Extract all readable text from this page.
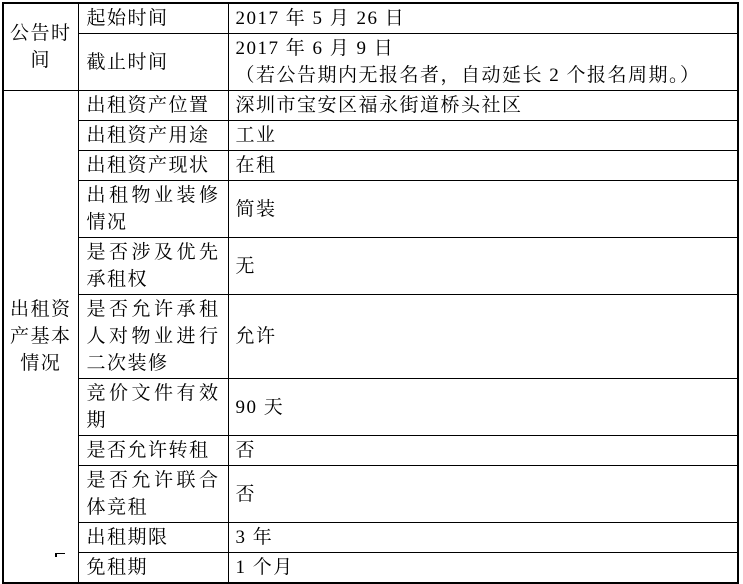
公告时间	起始时间	2017 年 5 月 26 日
	截止时间	2017 年 6 月 9 日
（若公告期内无报名者，自动延长 2 个报名周期。）

出租资产基本情况	出租资产位置	深圳市宝安区福永街道桥头社区
	出租资产用途	工业
	出租资产现状	在租
	出租物业装修情况	简装
	是否涉及优先承租权	无
	是否允许承租人对物业进行二次装修	允许
	竞价文件有效期	90 天
	是否允许转租	否
	是否允许联合体竞租	否
	出租期限	3 年
	免租期	1 个月
